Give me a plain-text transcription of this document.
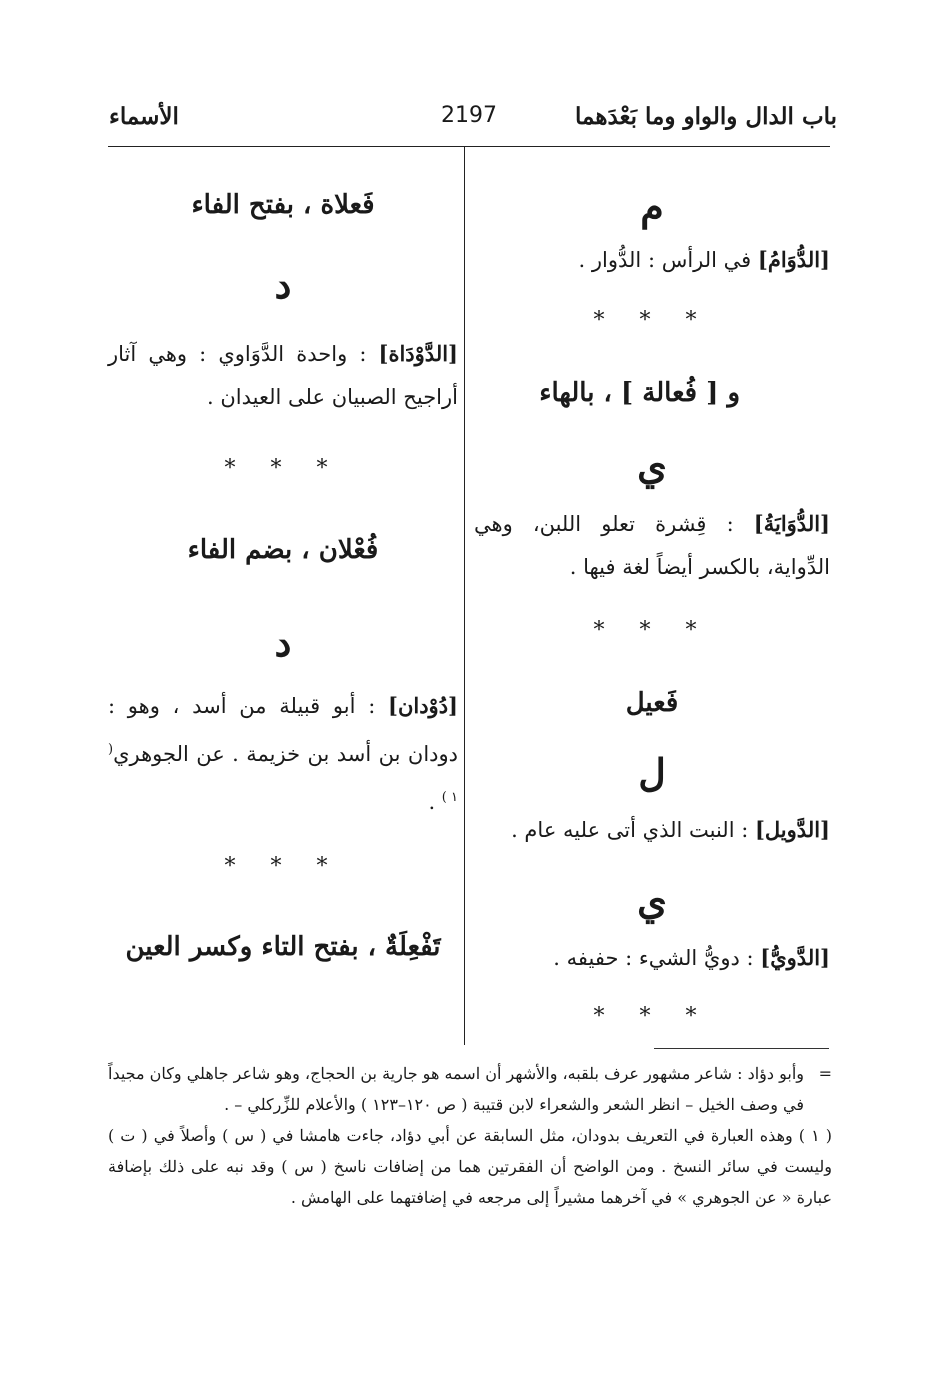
باب الدال والواو وما بَعْدَهما
2197
الأسماء
م
[الدُّوَامُ] في الرأس : الدُّوار .
* * *
و [ فُعالة ] ، بالهاء
ي
[الدُّوَايَةُ] : قِشرة تعلو اللبن، وهي الدِّواية، بالكسر أيضاً لغة فيها .
* * *
فَعيل
ل
[الدَّويل] : النبت الذي أتى عليه عام .
ي
[الدَّويُّ] : دويُّ الشيء : حفيفه .
* * *
فَعلاة ، بفتح الفاء
د
[الدَّوْدَاة] : واحدة الدَّوَاوي : وهي آثار أراجيح الصبيان على العيدان .
* * *
فُعْلان ، بضم الفاء
د
[دُوْدان] : أبو قبيلة من أسد ، وهو : دودان بن أسد بن خزيمة . عن الجوهري$^{( ١ )}$ .
* * *
تَفْعِلَةٌ ، بفتح التاء وكسر العين

=
وأبو دؤاد : شاعر مشهور عرف بلقبه، والأشهر أن اسمه هو جارية بن الحجاج، وهو شاعر جاهلي وكان مجيداً في وصف الخيل – انظر الشعر والشعراء لابن قتيبة ( ص ١٢٠–١٢٣ ) والأعلام للزِّركلي – .

( ١ ) وهذه العبارة في التعريف بدودان، مثل السابقة عن أبي دؤاد، جاءت هامشا في ( س ) وأصلاً في ( ت ) وليست في سائر النسخ . ومن الواضح أن الفقرتين هما من إضافات ناسخ ( س ) وقد نبه على ذلك بإضافة عبارة « عن الجوهري » في آخرهما مشيراً إلى مرجعه في إضافتهما على الهامش .
